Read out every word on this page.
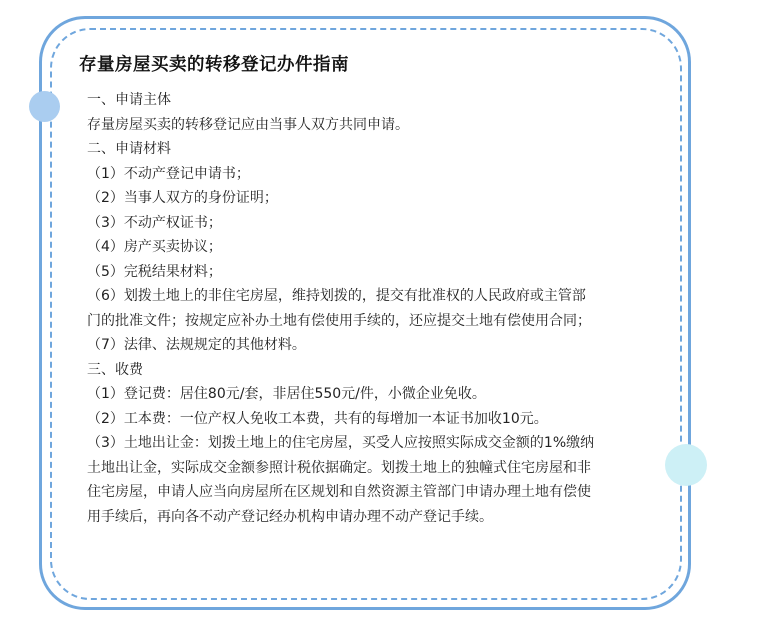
存量房屋买卖的转移登记办件指南
一、申请主体
存量房屋买卖的转移登记应由当事人双方共同申请。
二、申请材料
（1）不动产登记申请书；
（2）当事人双方的身份证明；
（3）不动产权证书；
（4）房产买卖协议；
（5）完税结果材料；
（6）划拨土地上的非住宅房屋，维持划拨的，提交有批准权的人民政府或主管部
门的批准文件；按规定应补办土地有偿使用手续的，还应提交土地有偿使用合同；
（7）法律、法规规定的其他材料。
三、收费
（1）登记费：居住80元/套，非居住550元/件，小微企业免收。
（2）工本费：一位产权人免收工本费，共有的每增加一本证书加收10元。
（3）土地出让金：划拨土地上的住宅房屋，买受人应按照实际成交金额的1%缴纳
土地出让金，实际成交金额参照计税依据确定。划拨土地上的独幢式住宅房屋和非
住宅房屋，申请人应当向房屋所在区规划和自然资源主管部门申请办理土地有偿使
用手续后，再向各不动产登记经办机构申请办理不动产登记手续。
